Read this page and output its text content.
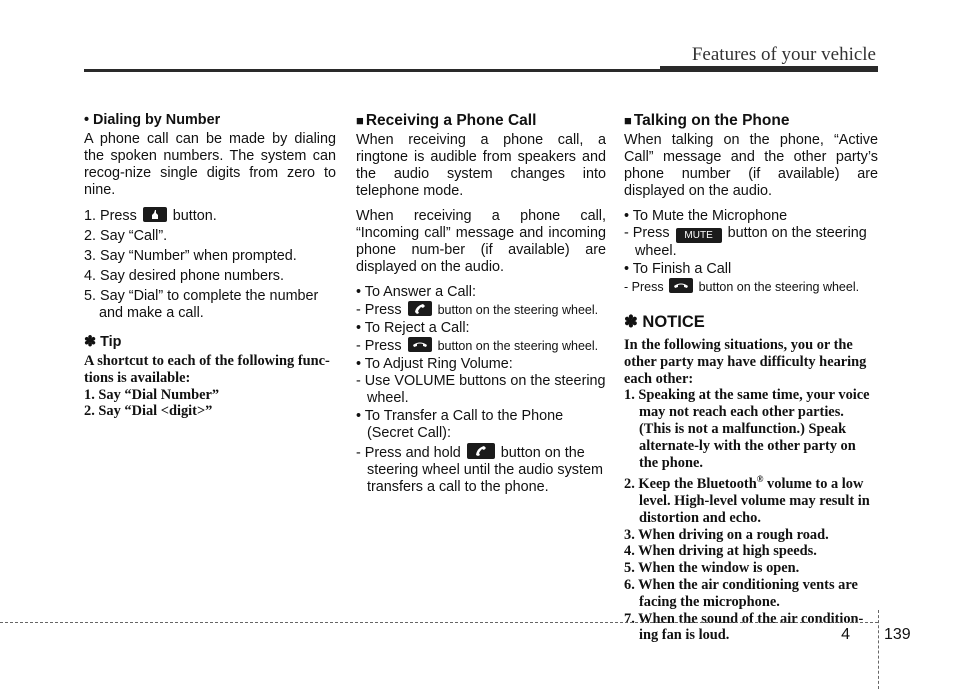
Features of your vehicle
• Dialing by Number

A phone call can be made by dialing the spoken numbers. The system can recog-nize single digits from zero to nine.

1. Press	button.
2. Say “Call”.
3. Say “Number” when prompted.
4. Say desired phone numbers.
5. Say “Dial” to complete the number and make a call.
✽ Tip
A shortcut to each of the following func-tions is available:
1. Say “Dial Number”
2. Say “Dial <digit>”
■ Receiving a Phone Call

When receiving a phone call, a ringtone is audible from speakers and the audio system changes into telephone mode.

When receiving a phone call, “Incoming call” message and incoming phone num-ber (if available) are displayed on the audio.

• To Answer a Call:
- Press	button on the steering wheel.
• To Reject a Call:
- Press	button on the steering wheel.
• To Adjust Ring Volume:
- Use VOLUME buttons on the steering wheel.
• To Transfer a Call to the Phone (Secret Call):
- Press and hold	button on the steering wheel until the audio system transfers a call to the phone.
■ Talking on the Phone

When talking on the phone, “Active Call” message and the other party’s phone number (if available) are displayed on the audio.

• To Mute the Microphone
- Press MUTE button on the steering wheel.
• To Finish a Call
- Press	button on the steering wheel.
✽ NOTICE
In the following situations, you or the other party may have difficulty hearing each other:
1. Speaking at the same time, your voice may not reach each other parties. (This is not a malfunction.) Speak alternate-ly with the other party on the phone.
2. Keep the Bluetooth® volume to a low level. High-level volume may result in distortion and echo.
3. When driving on a rough road.
4. When driving at high speeds.
5. When the window is open.
6. When the air conditioning vents are facing the microphone.
7. When the sound of the air condition-ing fan is loud.	4 139
